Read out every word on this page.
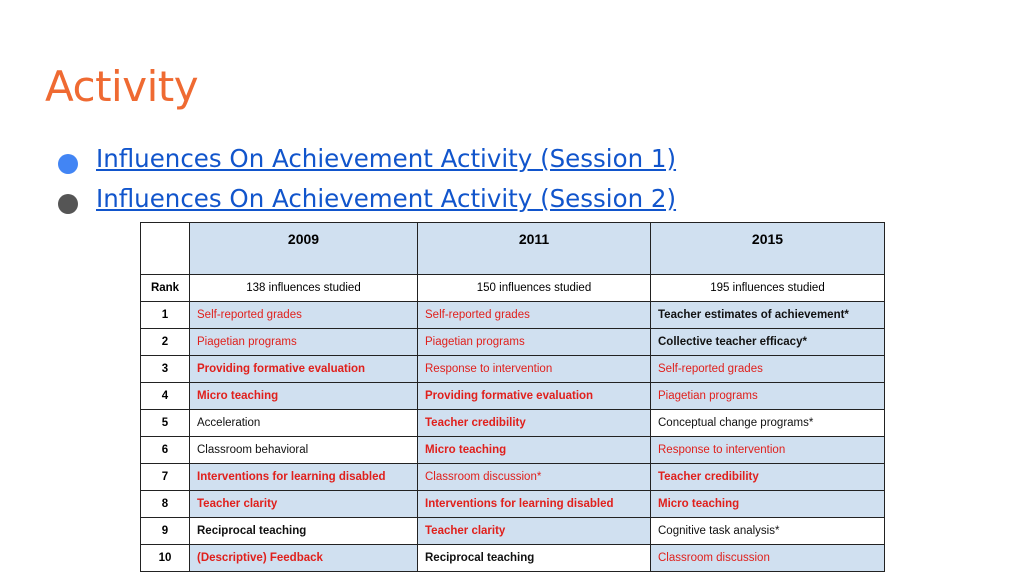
Activity
Influences On Achievement Activity (Session 1)
Influences On Achievement Activity (Session 2)
	2009	2011	2015
Rank	138 influences studied	150 influences studied	195 influences studied
1	Self-reported grades	Self-reported grades	Teacher estimates of achievement*
2	Piagetian programs	Piagetian programs	Collective teacher efficacy*
3	Providing formative evaluation	Response to intervention	Self-reported grades
4	Micro teaching	Providing formative evaluation	Piagetian programs
5	Acceleration	Teacher credibility	Conceptual change programs*
6	Classroom behavioral	Micro teaching	Response to intervention
7	Interventions for learning disabled	Classroom discussion*	Teacher credibility
8	Teacher clarity	Interventions for learning disabled	Micro teaching
9	Reciprocal teaching	Teacher clarity	Cognitive task analysis*
10	(Descriptive) Feedback	Reciprocal teaching	Classroom discussion
